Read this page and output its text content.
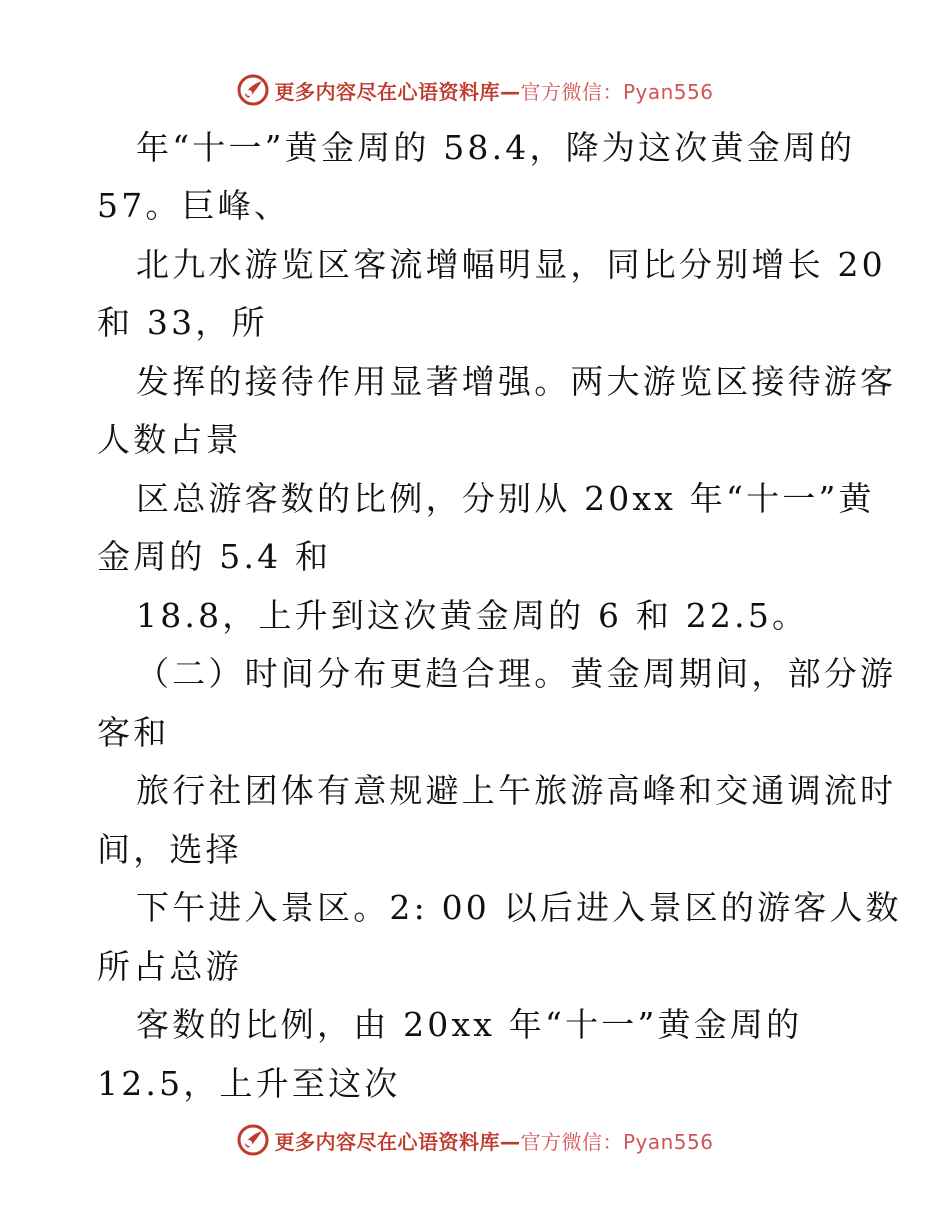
更多内容尽在心语资料库—官方微信：Pyan556
年“十一”黄金周的 58.4，降为这次黄金周的
57。巨峰、
北九水游览区客流增幅明显，同比分别增长 20
和 33，所
发挥的接待作用显著增强。两大游览区接待游客
人数占景
区总游客数的比例，分别从 20xx 年“十一”黄
金周的 5.4 和
18.8，上升到这次黄金周的 6 和 22.5。
（二）时间分布更趋合理。黄金周期间，部分游
客和
旅行社团体有意规避上午旅游高峰和交通调流时
间，选择
下午进入景区。2: 00 以后进入景区的游客人数
所占总游
客数的比例，由 20xx 年“十一”黄金周的
12.5，上升至这次
更多内容尽在心语资料库—官方微信：Pyan556
